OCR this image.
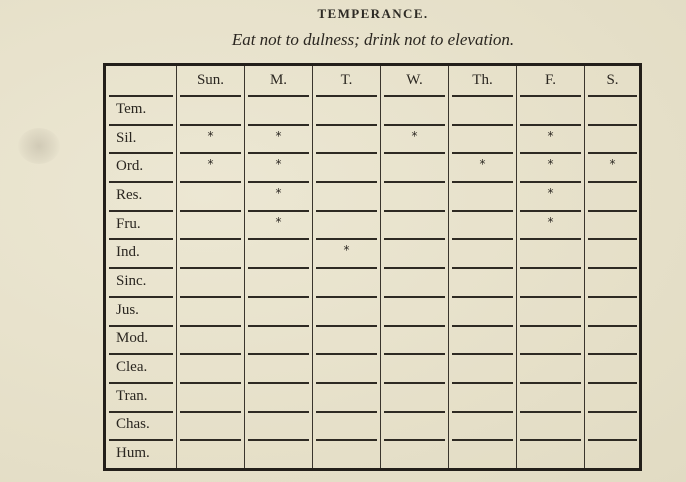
TEMPERANCE.
Eat not to dulness; drink not to elevation.
	Sun.	M.	T.	W.	Th.	F.	S.

Tem.	

Sil.	*	*		*		*	

Ord.	*	*			*	*	*

Res.		*				*	

Fru.		*				*	

Ind.			*	

Sinc.	

Jus.	

Mod.	

Clea.	

Tran.	

Chas.	

Hum.	
